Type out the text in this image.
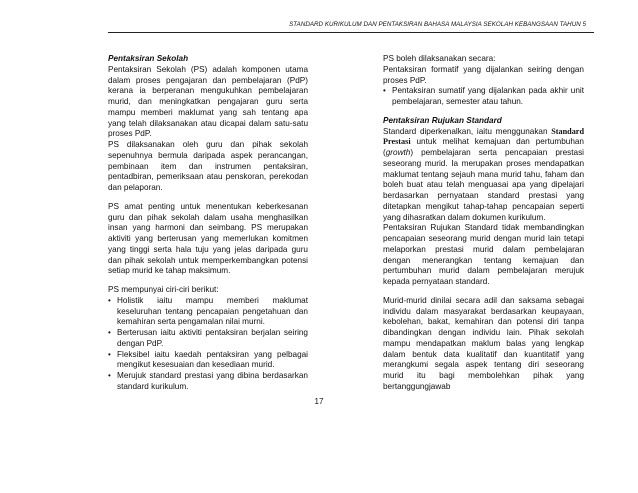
STANDARD KURIKULUM DAN PENTAKSIRAN BAHASA MALAYSIA SEKOLAH KEBANGSAAN TAHUN 5
Pentaksiran Sekolah

Pentaksiran Sekolah (PS) adalah komponen utama dalam proses pengajaran dan pembelajaran (PdP) kerana ia berperanan mengukuhkan pembelajaran murid, dan meningkatkan pengajaran guru serta mampu memberi maklumat yang sah tentang apa yang telah dilaksanakan atau dicapai dalam satu-satu proses PdP.

PS dilaksanakan oleh guru dan pihak sekolah sepenuhnya bermula daripada aspek perancangan, pembinaan item dan instrumen pentaksiran, pentadbiran, pemeriksaan atau penskoran, perekodan dan pelaporan.

PS amat penting untuk menentukan keberkesanan guru dan pihak sekolah dalam usaha menghasilkan insan yang harmoni dan seimbang. PS merupakan aktiviti yang berterusan yang memerlukan komitmen yang tinggi serta hala tuju yang jelas daripada guru dan pihak sekolah untuk memperkembangkan potensi setiap murid ke tahap maksimum.

PS mempunyai ciri-ciri berikut:

• Holistik iaitu mampu memberi maklumat keseluruhan tentang pencapaian pengetahuan dan kemahiran serta pengamalan nilai murni.
• Berterusan iaitu aktiviti pentaksiran berjalan seiring dengan PdP.
• Fleksibel iaitu kaedah pentaksiran yang pelbagai mengikut kesesuaian dan kesediaan murid.
• Merujuk standard prestasi yang dibina berdasarkan standard kurikulum.

PS boleh dilaksanakan secara:

Pentaksiran formatif yang dijalankan seiring dengan proses PdP.

• Pentaksiran sumatif yang dijalankan pada akhir unit pembelajaran, semester atau tahun.
Pentaksiran Rujukan Standard

Standard diperkenalkan, iaitu menggunakan Standard Prestasi untuk melihat kemajuan dan pertumbuhan (growth) pembelajaran serta pencapaian prestasi seseorang murid. Ia merupakan proses mendapatkan maklumat tentang sejauh mana murid tahu, faham dan boleh buat atau telah menguasai apa yang dipelajari berdasarkan pernyataan standard prestasi yang ditetapkan mengikut tahap-tahap pencapaian seperti yang dihasratkan dalam dokumen kurikulum.

Pentaksiran Rujukan Standard tidak membandingkan pencapaian seseorang murid dengan murid lain tetapi melaporkan prestasi murid dalam pembelajaran dengan menerangkan tentang kemajuan dan pertumbuhan murid dalam pembelajaran merujuk kepada pernyataan standard.

Murid-murid dinilai secara adil dan saksama sebagai individu dalam masyarakat berdasarkan keupayaan, kebolehan, bakat, kemahiran dan potensi diri tanpa dibandingkan dengan individu lain. Pihak sekolah mampu mendapatkan maklum balas yang lengkap dalam bentuk data kualitatif dan kuantitatif yang merangkumi segala aspek tentang diri seseorang murid itu bagi membolehkan pihak yang bertanggungjawab

17
